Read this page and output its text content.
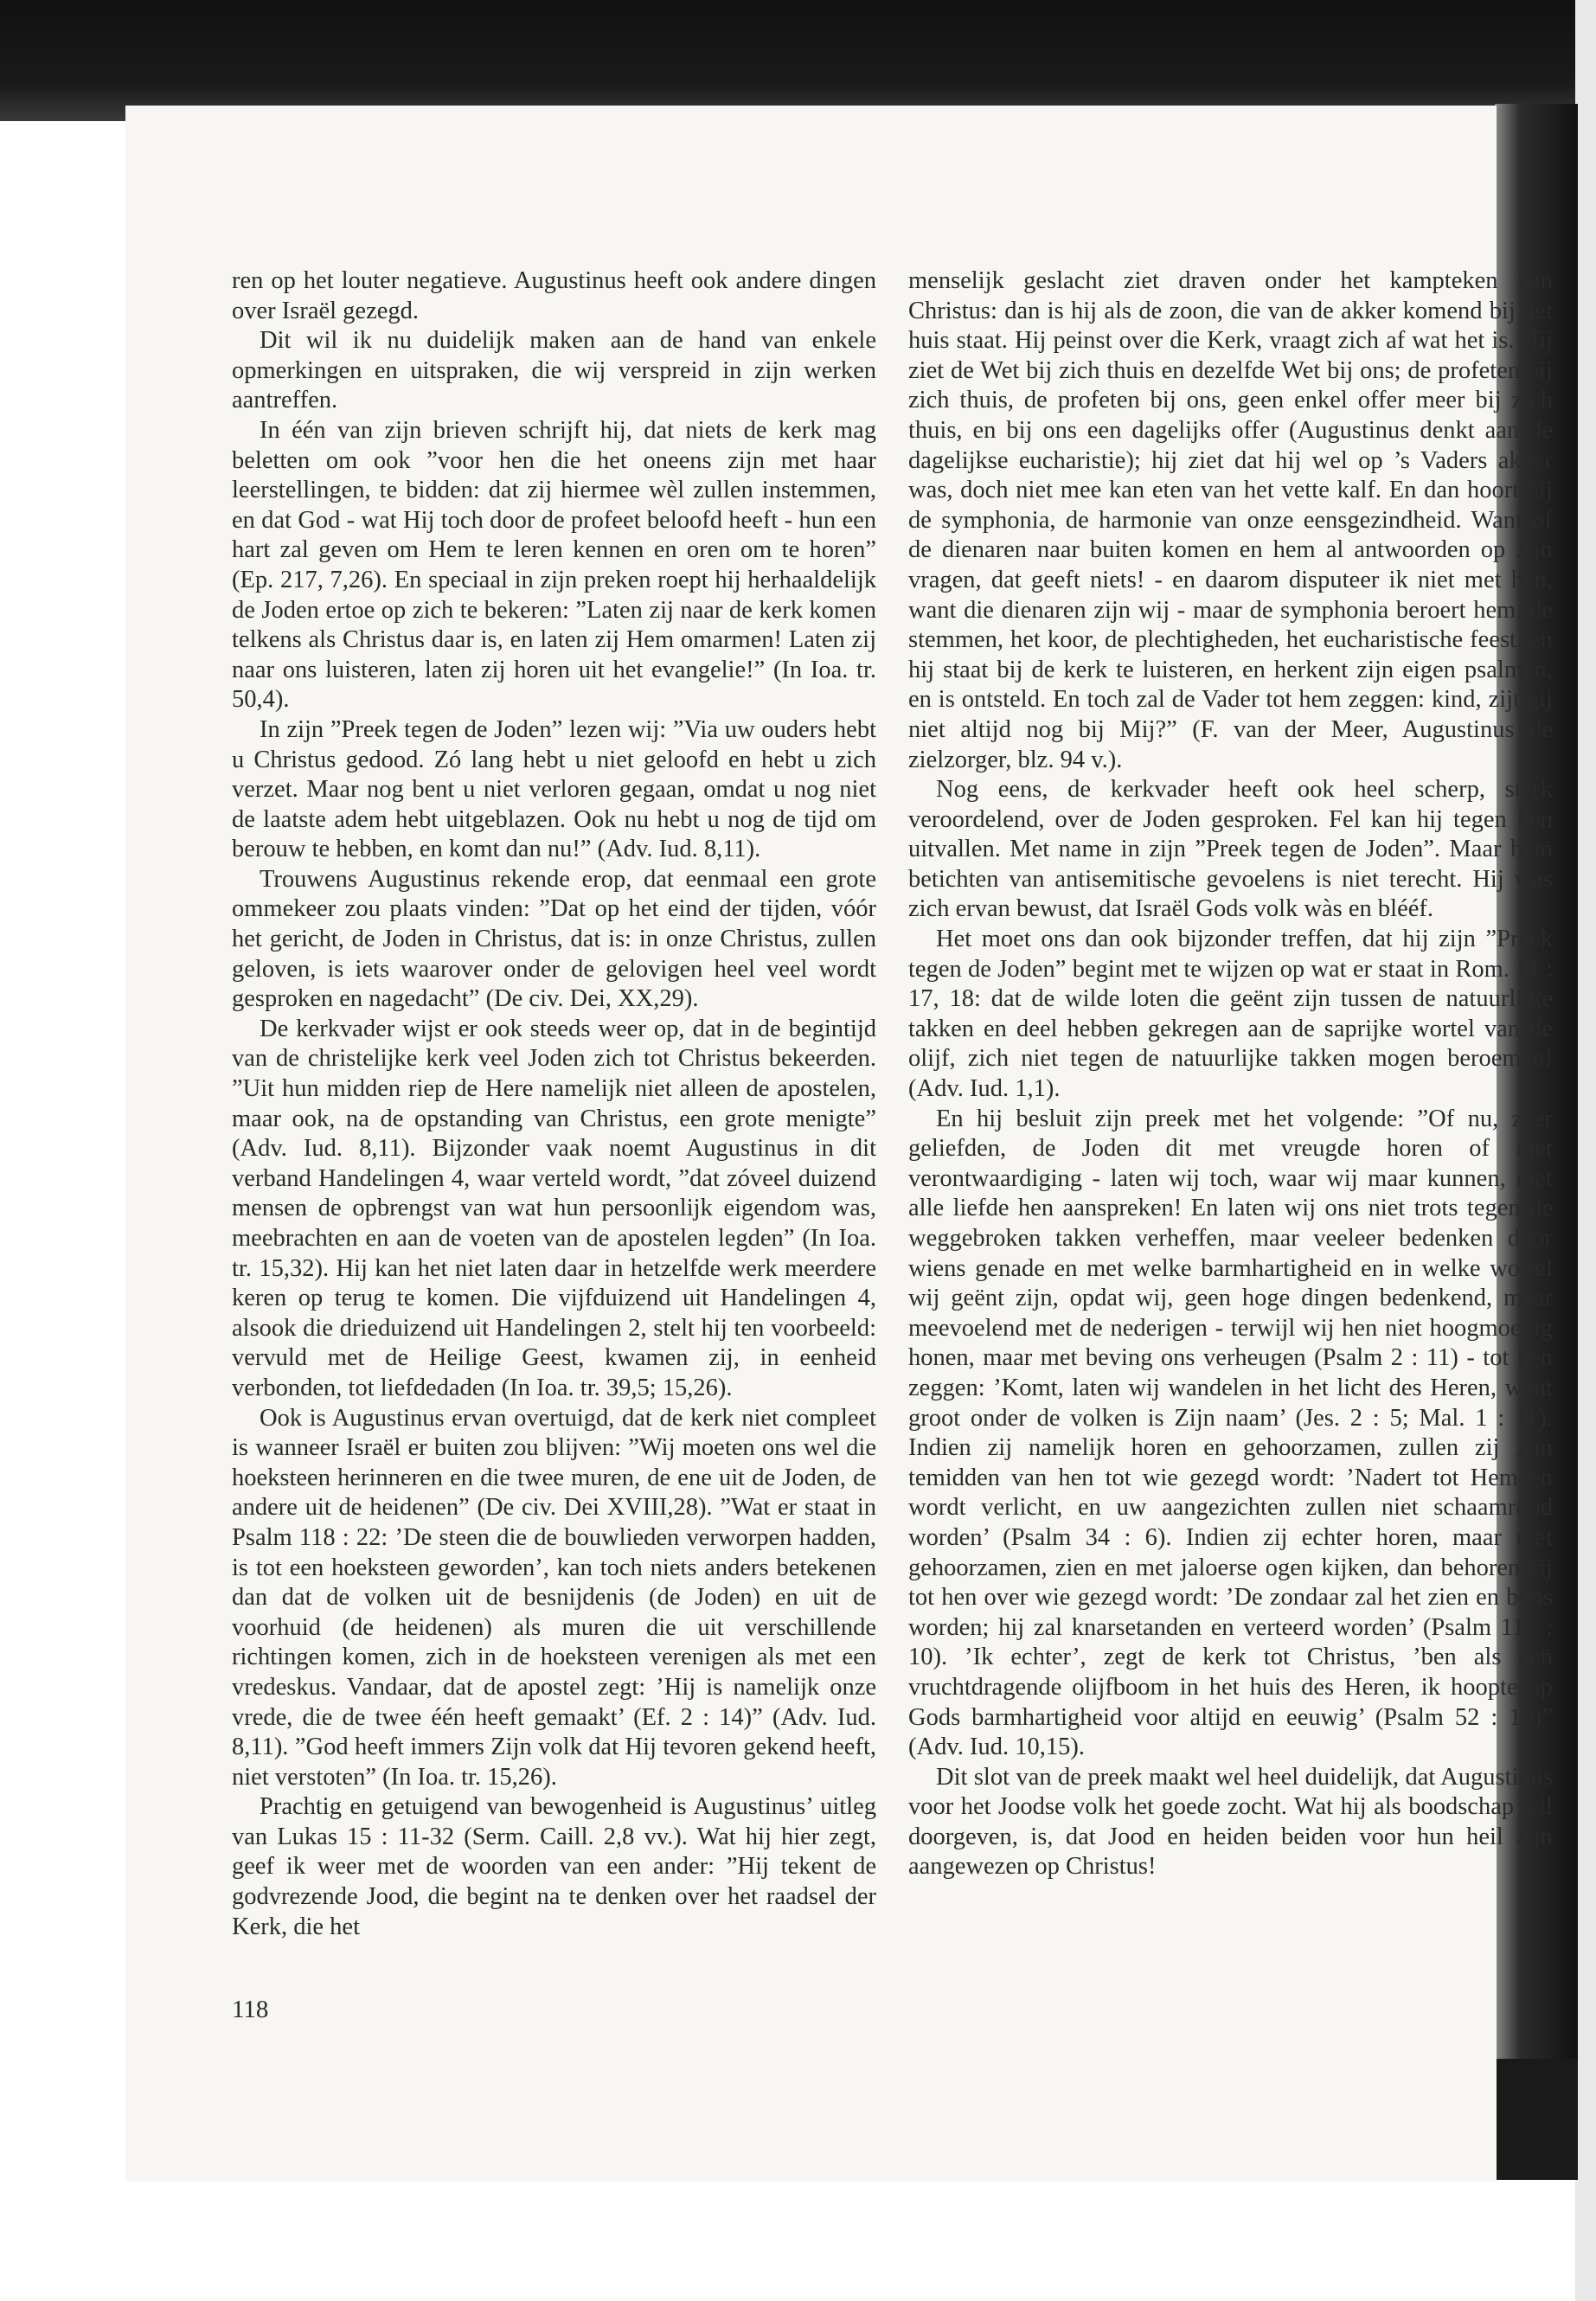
ren op het louter negatieve. Augustinus heeft ook andere dingen over Israël gezegd.

Dit wil ik nu duidelijk maken aan de hand van enkele opmerkingen en uitspraken, die wij verspreid in zijn werken aantreffen.

In één van zijn brieven schrijft hij, dat niets de kerk mag beletten om ook ”voor hen die het oneens zijn met haar leerstellingen, te bidden: dat zij hiermee wèl zullen instemmen, en dat God - wat Hij toch door de profeet beloofd heeft - hun een hart zal geven om Hem te leren kennen en oren om te horen” (Ep. 217, 7,26). En speciaal in zijn preken roept hij herhaaldelijk de Joden ertoe op zich te bekeren: ”Laten zij naar de kerk komen telkens als Christus daar is, en laten zij Hem omarmen! Laten zij naar ons luisteren, laten zij horen uit het evangelie!” (In Ioa. tr. 50,4).

In zijn ”Preek tegen de Joden” lezen wij: ”Via uw ouders hebt u Christus gedood. Zó lang hebt u niet geloofd en hebt u zich verzet. Maar nog bent u niet verloren gegaan, omdat u nog niet de laatste adem hebt uitgeblazen. Ook nu hebt u nog de tijd om berouw te hebben, en komt dan nu!” (Adv. Iud. 8,11).

Trouwens Augustinus rekende erop, dat eenmaal een grote ommekeer zou plaats vinden: ”Dat op het eind der tijden, vóór het gericht, de Joden in Christus, dat is: in onze Christus, zullen geloven, is iets waarover onder de gelovigen heel veel wordt gesproken en nagedacht” (De civ. Dei, XX,29).

De kerkvader wijst er ook steeds weer op, dat in de begintijd van de christelijke kerk veel Joden zich tot Christus bekeerden. ”Uit hun midden riep de Here namelijk niet alleen de apostelen, maar ook, na de opstanding van Christus, een grote menigte” (Adv. Iud. 8,11). Bijzonder vaak noemt Augustinus in dit verband Handelingen 4, waar verteld wordt, ”dat zóveel duizend mensen de opbrengst van wat hun persoonlijk eigendom was, meebrachten en aan de voeten van de apostelen legden” (In Ioa. tr. 15,32). Hij kan het niet laten daar in hetzelfde werk meerdere keren op terug te komen. Die vijfduizend uit Handelingen 4, alsook die drieduizend uit Handelingen 2, stelt hij ten voorbeeld: vervuld met de Heilige Geest, kwamen zij, in eenheid verbonden, tot liefdedaden (In Ioa. tr. 39,5; 15,26).

Ook is Augustinus ervan overtuigd, dat de kerk niet compleet is wanneer Israël er buiten zou blijven: ”Wij moeten ons wel die hoeksteen herinneren en die twee muren, de ene uit de Joden, de andere uit de heidenen” (De civ. Dei XVIII,28). ”Wat er staat in Psalm 118 : 22: ’De steen die de bouwlieden verworpen hadden, is tot een hoeksteen geworden’, kan toch niets anders betekenen dan dat de volken uit de besnijdenis (de Joden) en uit de voorhuid (de heidenen) als muren die uit verschillende richtingen komen, zich in de hoeksteen verenigen als met een vredeskus. Vandaar, dat de apostel zegt: ’Hij is namelijk onze vrede, die de twee één heeft gemaakt’ (Ef. 2 : 14)” (Adv. Iud. 8,11). ”God heeft immers Zijn volk dat Hij tevoren gekend heeft, niet verstoten” (In Ioa. tr. 15,26).

Prachtig en getuigend van bewogenheid is Augustinus’ uitleg van Lukas 15 : 11-32 (Serm. Caill. 2,8 vv.). Wat hij hier zegt, geef ik weer met de woorden van een ander: ”Hij tekent de godvrezende Jood, die begint na te denken over het raadsel der Kerk, die het

menselijk geslacht ziet draven onder het kampteken van Christus: dan is hij als de zoon, die van de akker komend bij het huis staat. Hij peinst over die Kerk, vraagt zich af wat het is. Hij ziet de Wet bij zich thuis en dezelfde Wet bij ons; de profeten bij zich thuis, de profeten bij ons, geen enkel offer meer bij zich thuis, en bij ons een dagelijks offer (Augustinus denkt aan de dagelijkse eucharistie); hij ziet dat hij wel op ’s Vaders akker was, doch niet mee kan eten van het vette kalf. En dan hoort hij de symphonia, de harmonie van onze eensgezindheid. Want of de dienaren naar buiten komen en hem al antwoorden op zijn vragen, dat geeft niets! - en daarom disputeer ik niet met hen, want die dienaren zijn wij - maar de symphonia beroert hem, de stemmen, het koor, de plechtigheden, het eucharistische feest, en hij staat bij de kerk te luisteren, en herkent zijn eigen psalmen, en is ontsteld. En toch zal de Vader tot hem zeggen: kind, zijt gij niet altijd nog bij Mij?” (F. van der Meer, Augustinus de zielzorger, blz. 94 v.).

Nog eens, de kerkvader heeft ook heel scherp, sterk veroordelend, over de Joden gesproken. Fel kan hij tegen hen uitvallen. Met name in zijn ”Preek tegen de Joden”. Maar hem betichten van antisemitische gevoelens is niet terecht. Hij was zich ervan bewust, dat Israël Gods volk wàs en blééf.

Het moet ons dan ook bijzonder treffen, dat hij zijn ”Preek tegen de Joden” begint met te wijzen op wat er staat in Rom. 11 : 17, 18: dat de wilde loten die geënt zijn tussen de natuurlijke takken en deel hebben gekregen aan de saprijke wortel van de olijf, zich niet tegen de natuurlijke takken mogen beroemen! (Adv. Iud. 1,1).

En hij besluit zijn preek met het volgende: ”Of nu, zeer geliefden, de Joden dit met vreugde horen of met verontwaardiging - laten wij toch, waar wij maar kunnen, met alle liefde hen aanspreken! En laten wij ons niet trots tegen de weggebroken takken verheffen, maar veeleer bedenken door wiens genade en met welke barmhartigheid en in welke wortel wij geënt zijn, opdat wij, geen hoge dingen bedenkend, maar meevoelend met de nederigen - terwijl wij hen niet hoogmoedig honen, maar met beving ons verheugen (Psalm 2 : 11) - tot hen zeggen: ’Komt, laten wij wandelen in het licht des Heren, want groot onder de volken is Zijn naam’ (Jes. 2 : 5; Mal. 1 : 11). Indien zij namelijk horen en gehoorzamen, zullen zij zijn temidden van hen tot wie gezegd wordt: ’Nadert tot Hem en wordt verlicht, en uw aangezichten zullen niet schaamrood worden’ (Psalm 34 : 6). Indien zij echter horen, maar niet gehoorzamen, zien en met jaloerse ogen kijken, dan behoren zij tot hen over wie gezegd wordt: ’De zondaar zal het zien en boos worden; hij zal knarsetanden en verteerd worden’ (Psalm 112 : 10). ’Ik echter’, zegt de kerk tot Christus, ’ben als een vruchtdragende olijfboom in het huis des Heren, ik hoopte op Gods barmhartigheid voor altijd en eeuwig’ (Psalm 52 : 10)” (Adv. Iud. 10,15).

Dit slot van de preek maakt wel heel duidelijk, dat Augustinus voor het Joodse volk het goede zocht. Wat hij als boodschap wil doorgeven, is, dat Jood en heiden beiden voor hun heil zijn aangewezen op Christus!

118
